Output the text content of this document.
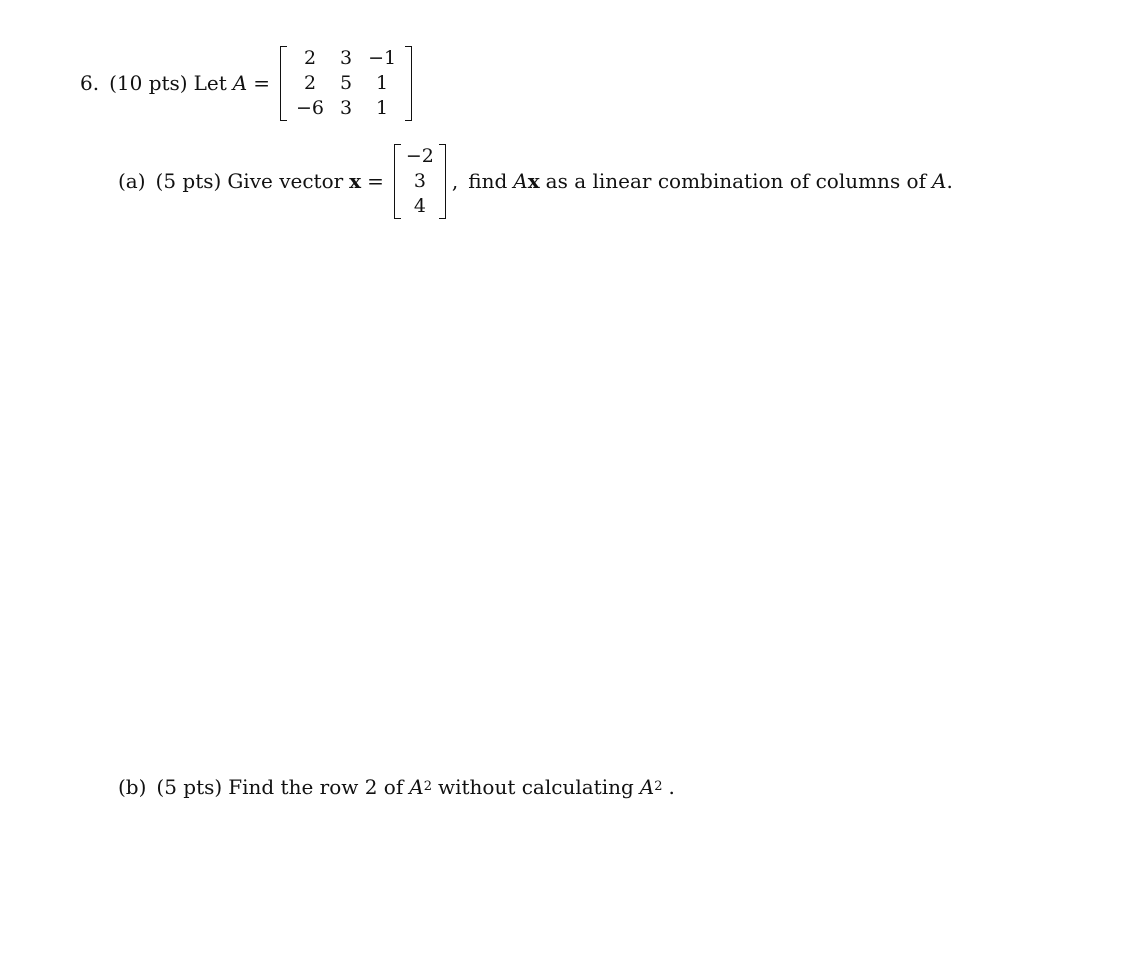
6. (10 pts) Let A =
2	3	−1
2	5	1
−6	3	1
(a) (5 pts) Give vector x =
−2
3
4
, find A x as a linear combination of columns of A .
(b) (5 pts) Find the row 2 of A 2 without calculating A 2 .
